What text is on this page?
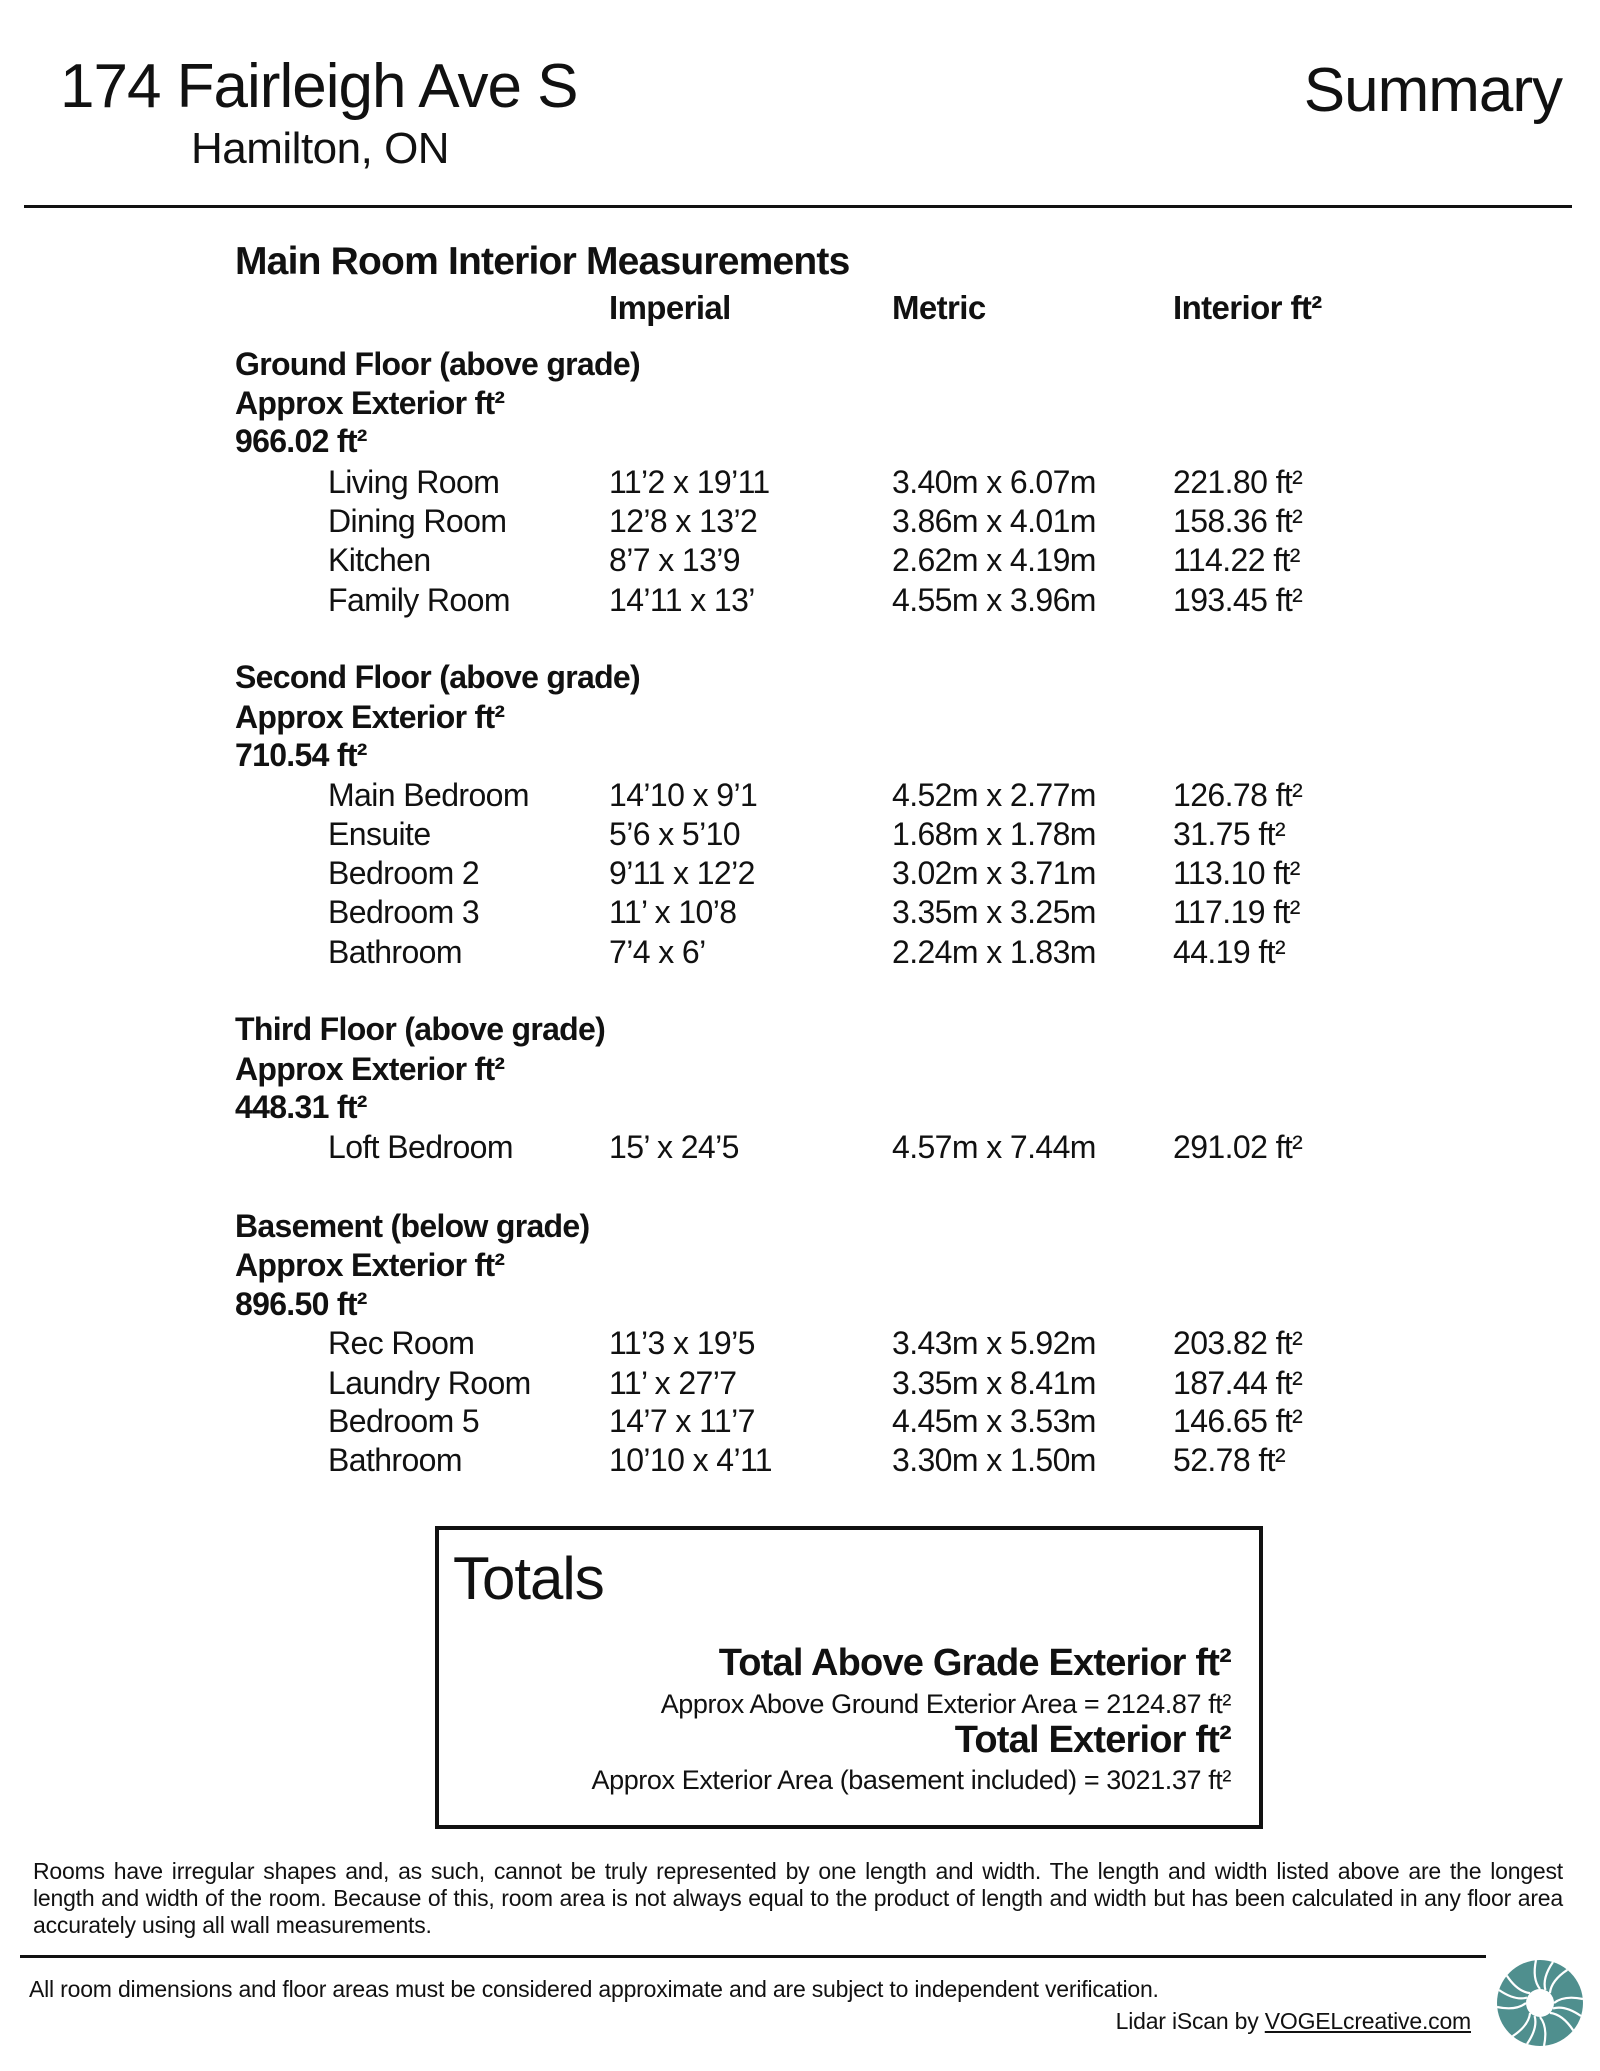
174 Fairleigh Ave S
Hamilton, ON
Summary
Main Room Interior Measurements
Imperial	Metric	Interior ft²
Ground Floor (above grade)
Approx Exterior ft²
966.02 ft²
Living Room	11’2 x 19’11	3.40m x 6.07m 221.80 ft²
Dining Room	12’8 x 13’2	3.86m x 4.01m 158.36 ft²
Kitchen	8’7 x 13’9	2.62m x 4.19m 114.22 ft²
Family Room	14’11 x 13’	4.55m x 3.96m 193.45 ft²
Second Floor (above grade)
Approx Exterior ft²
710.54 ft²
Main Bedroom	14’10 x 9’1	4.52m x 2.77m 126.78 ft²
Ensuite	5’6 x 5’10	1.68m x 1.78m 31.75 ft²
Bedroom 2	9’11 x 12’2	3.02m x 3.71m 113.10 ft²
Bedroom 3	11’ x 10’8	3.35m x 3.25m 117.19 ft²
Bathroom	7’4 x 6’	2.24m x 1.83m 44.19 ft²
Third Floor (above grade)
Approx Exterior ft²
448.31 ft²
Loft Bedroom	15’ x 24’5	4.57m x 7.44m 291.02 ft²
Basement (below grade)
Approx Exterior ft²
896.50 ft²
Rec Room	11’3 x 19’5	3.43m x 5.92m 203.82 ft²
Laundry Room 11’ x 27’7	3.35m x 8.41m 187.44 ft²
Bedroom 5	14’7 x 11’7	4.45m x 3.53m 146.65 ft²
Bathroom	10’10 x 4’11	3.30m x 1.50m 52.78 ft²
Totals
Total Above Grade Exterior ft²
Approx Above Ground Exterior Area = 2124.87 ft²
Total Exterior ft²
Approx Exterior Area (basement included) = 3021.37 ft²
Rooms have irregular shapes and, as such, cannot be truly represented by one length and width. The length and width listed above are the longest length and width of the room. Because of this, room area is not always equal to the product of length and width but has been calculated in any floor area accurately using all wall measurements.
All room dimensions and floor areas must be considered approximate and are subject to independent verification.
Lidar iScan by VOGELcreative.com
